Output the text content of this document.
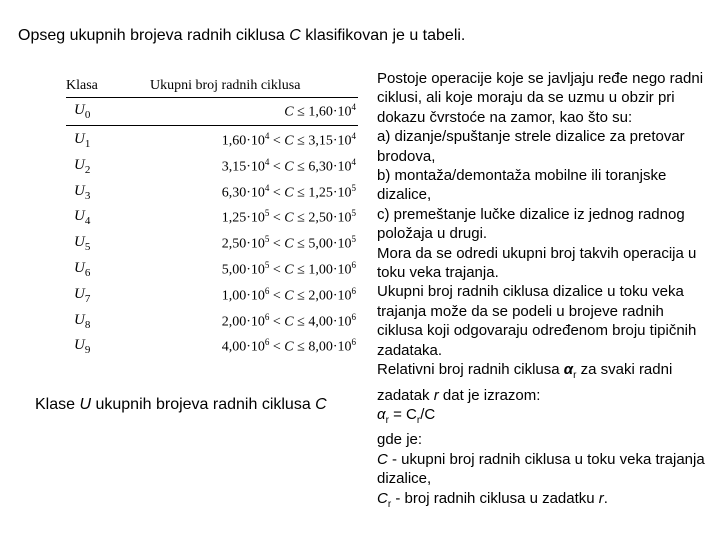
Opseg ukupnih brojeva radnih ciklusa C klasifikovan je u tabeli.
Klasa	Ukupni broj radnih ciklusa
$U_0$	$C \le 1,60\cdot 10^4$
$U_1$	$1,60\cdot 10^4 < C \le 3,15\cdot 10^4$
$U_2$	$3,15\cdot 10^4 < C \le 6,30\cdot 10^4$
$U_3$	$6,30\cdot 10^4 < C \le 1,25\cdot 10^5$
$U_4$	$1,25\cdot 10^5 < C \le 2,50\cdot 10^5$
$U_5$	$2,50\cdot 10^5 < C \le 5,00\cdot 10^5$
$U_6$	$5,00\cdot 10^5 < C \le 1,00\cdot 10^6$
$U_7$	$1,00\cdot 10^6 < C \le 2,00\cdot 10^6$
$U_8$	$2,00\cdot 10^6 < C \le 4,00\cdot 10^6$
$U_9$	$4,00\cdot 10^6 < C \le 8,00\cdot 10^6$
Klase U ukupnih brojeva radnih ciklusa C

Postoje operacije koje se javljaju ređe nego radni ciklusi, ali koje moraju da se uzmu u obzir pri dokazu čvrstoće na zamor, kao što su:

a) dizanje/spuštanje strele dizalice za pretovar brodova,

b) montaža/demontaža mobilne ili toranjske dizalice,

c) premeštanje lučke dizalice iz jednog radnog položaja u drugi.

Mora da se odredi ukupni broj takvih operacija u toku veka trajanja.

Ukupni broj radnih ciklusa dizalice u toku veka trajanja može da se podeli u brojeve radnih ciklusa koji odgovaraju određenom broju tipičnih zadataka.

Relativni broj radnih ciklusa $\alpha_r$ za svaki radni zadatak r dat je izrazom:

$\alpha_r = C_r/C$

gde je:

C - ukupni broj radnih ciklusa u toku veka trajanja dizalice,

$C_r$ - broj radnih ciklusa u zadatku r.
